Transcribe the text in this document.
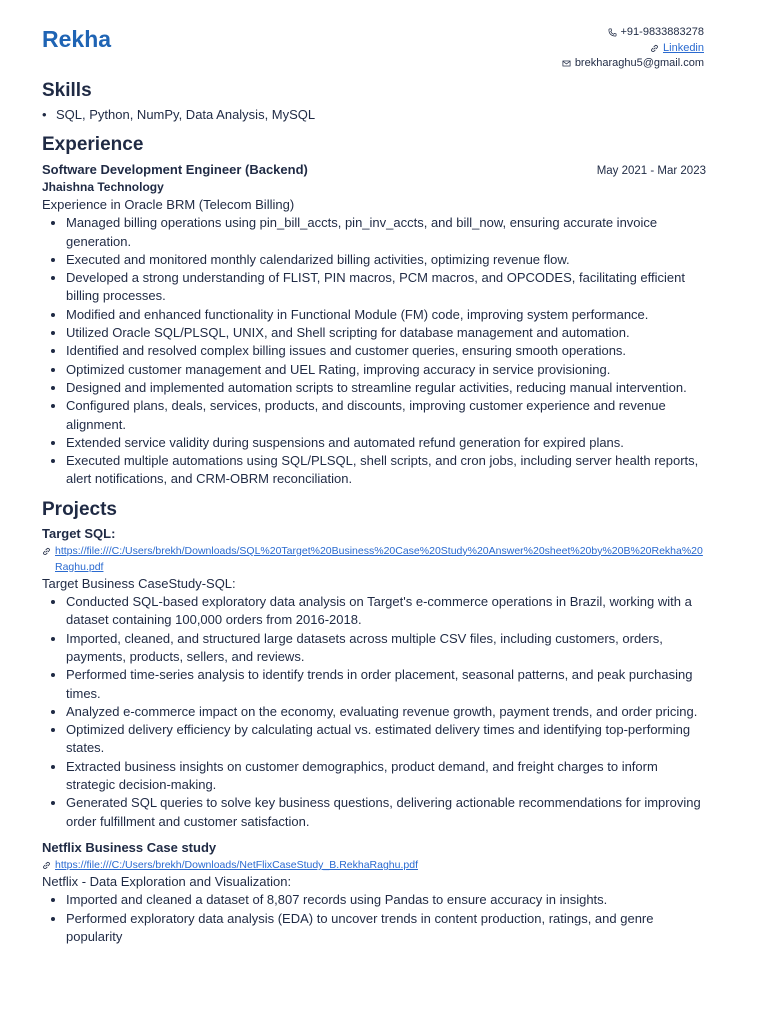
Rekha	+91-9833883278
Linkedin
brekharaghu5@gmail.com
Skills
• SQL, Python, NumPy, Data Analysis, MySQL
Experience
Software Development Engineer (Backend)	May 2021 - Mar 2023
Jhaishna Technology
Experience in Oracle BRM (Telecom Billing)
• Managed billing operations using pin_bill_accts, pin_inv_accts, and bill_now, ensuring accurate invoice generation.
• Executed and monitored monthly calendarized billing activities, optimizing revenue flow.
• Developed a strong understanding of FLIST, PIN macros, PCM macros, and OPCODES, facilitating efficient billing processes.
• Modified and enhanced functionality in Functional Module (FM) code, improving system performance.
• Utilized Oracle SQL/PLSQL, UNIX, and Shell scripting for database management and automation.
• Identified and resolved complex billing issues and customer queries, ensuring smooth operations.
• Optimized customer management and UEL Rating, improving accuracy in service provisioning.
• Designed and implemented automation scripts to streamline regular activities, reducing manual intervention.
• Configured plans, deals, services, products, and discounts, improving customer experience and revenue alignment.
• Extended service validity during suspensions and automated refund generation for expired plans.
• Executed multiple automations using SQL/PLSQL, shell scripts, and cron jobs, including server health reports, alert notifications, and CRM-OBRM reconciliation.
Projects
Target SQL:
https://file:///C:/Users/brekh/Downloads/SQL%20Target%20Business%20Case%20Study%20Answer%20sheet%20by%20B%20Rekha%20Raghu.pdf
Target Business CaseStudy-SQL:
• Conducted SQL-based exploratory data analysis on Target's e-commerce operations in Brazil, working with a dataset containing 100,000 orders from 2016-2018.
• Imported, cleaned, and structured large datasets across multiple CSV files, including customers, orders, payments, products, sellers, and reviews.
• Performed time-series analysis to identify trends in order placement, seasonal patterns, and peak purchasing times.
• Analyzed e-commerce impact on the economy, evaluating revenue growth, payment trends, and order pricing.
• Optimized delivery efficiency by calculating actual vs. estimated delivery times and identifying top-performing states.
• Extracted business insights on customer demographics, product demand, and freight charges to inform strategic decision-making.
• Generated SQL queries to solve key business questions, delivering actionable recommendations for improving order fulfillment and customer satisfaction.
Netflix Business Case study
https://file:///C:/Users/brekh/Downloads/NetFlixCaseStudy_B.RekhaRaghu.pdf
Netflix - Data Exploration and Visualization:
• Imported and cleaned a dataset of 8,807 records using Pandas to ensure accuracy in insights.
• Performed exploratory data analysis (EDA) to uncover trends in content production, ratings, and genre popularity
